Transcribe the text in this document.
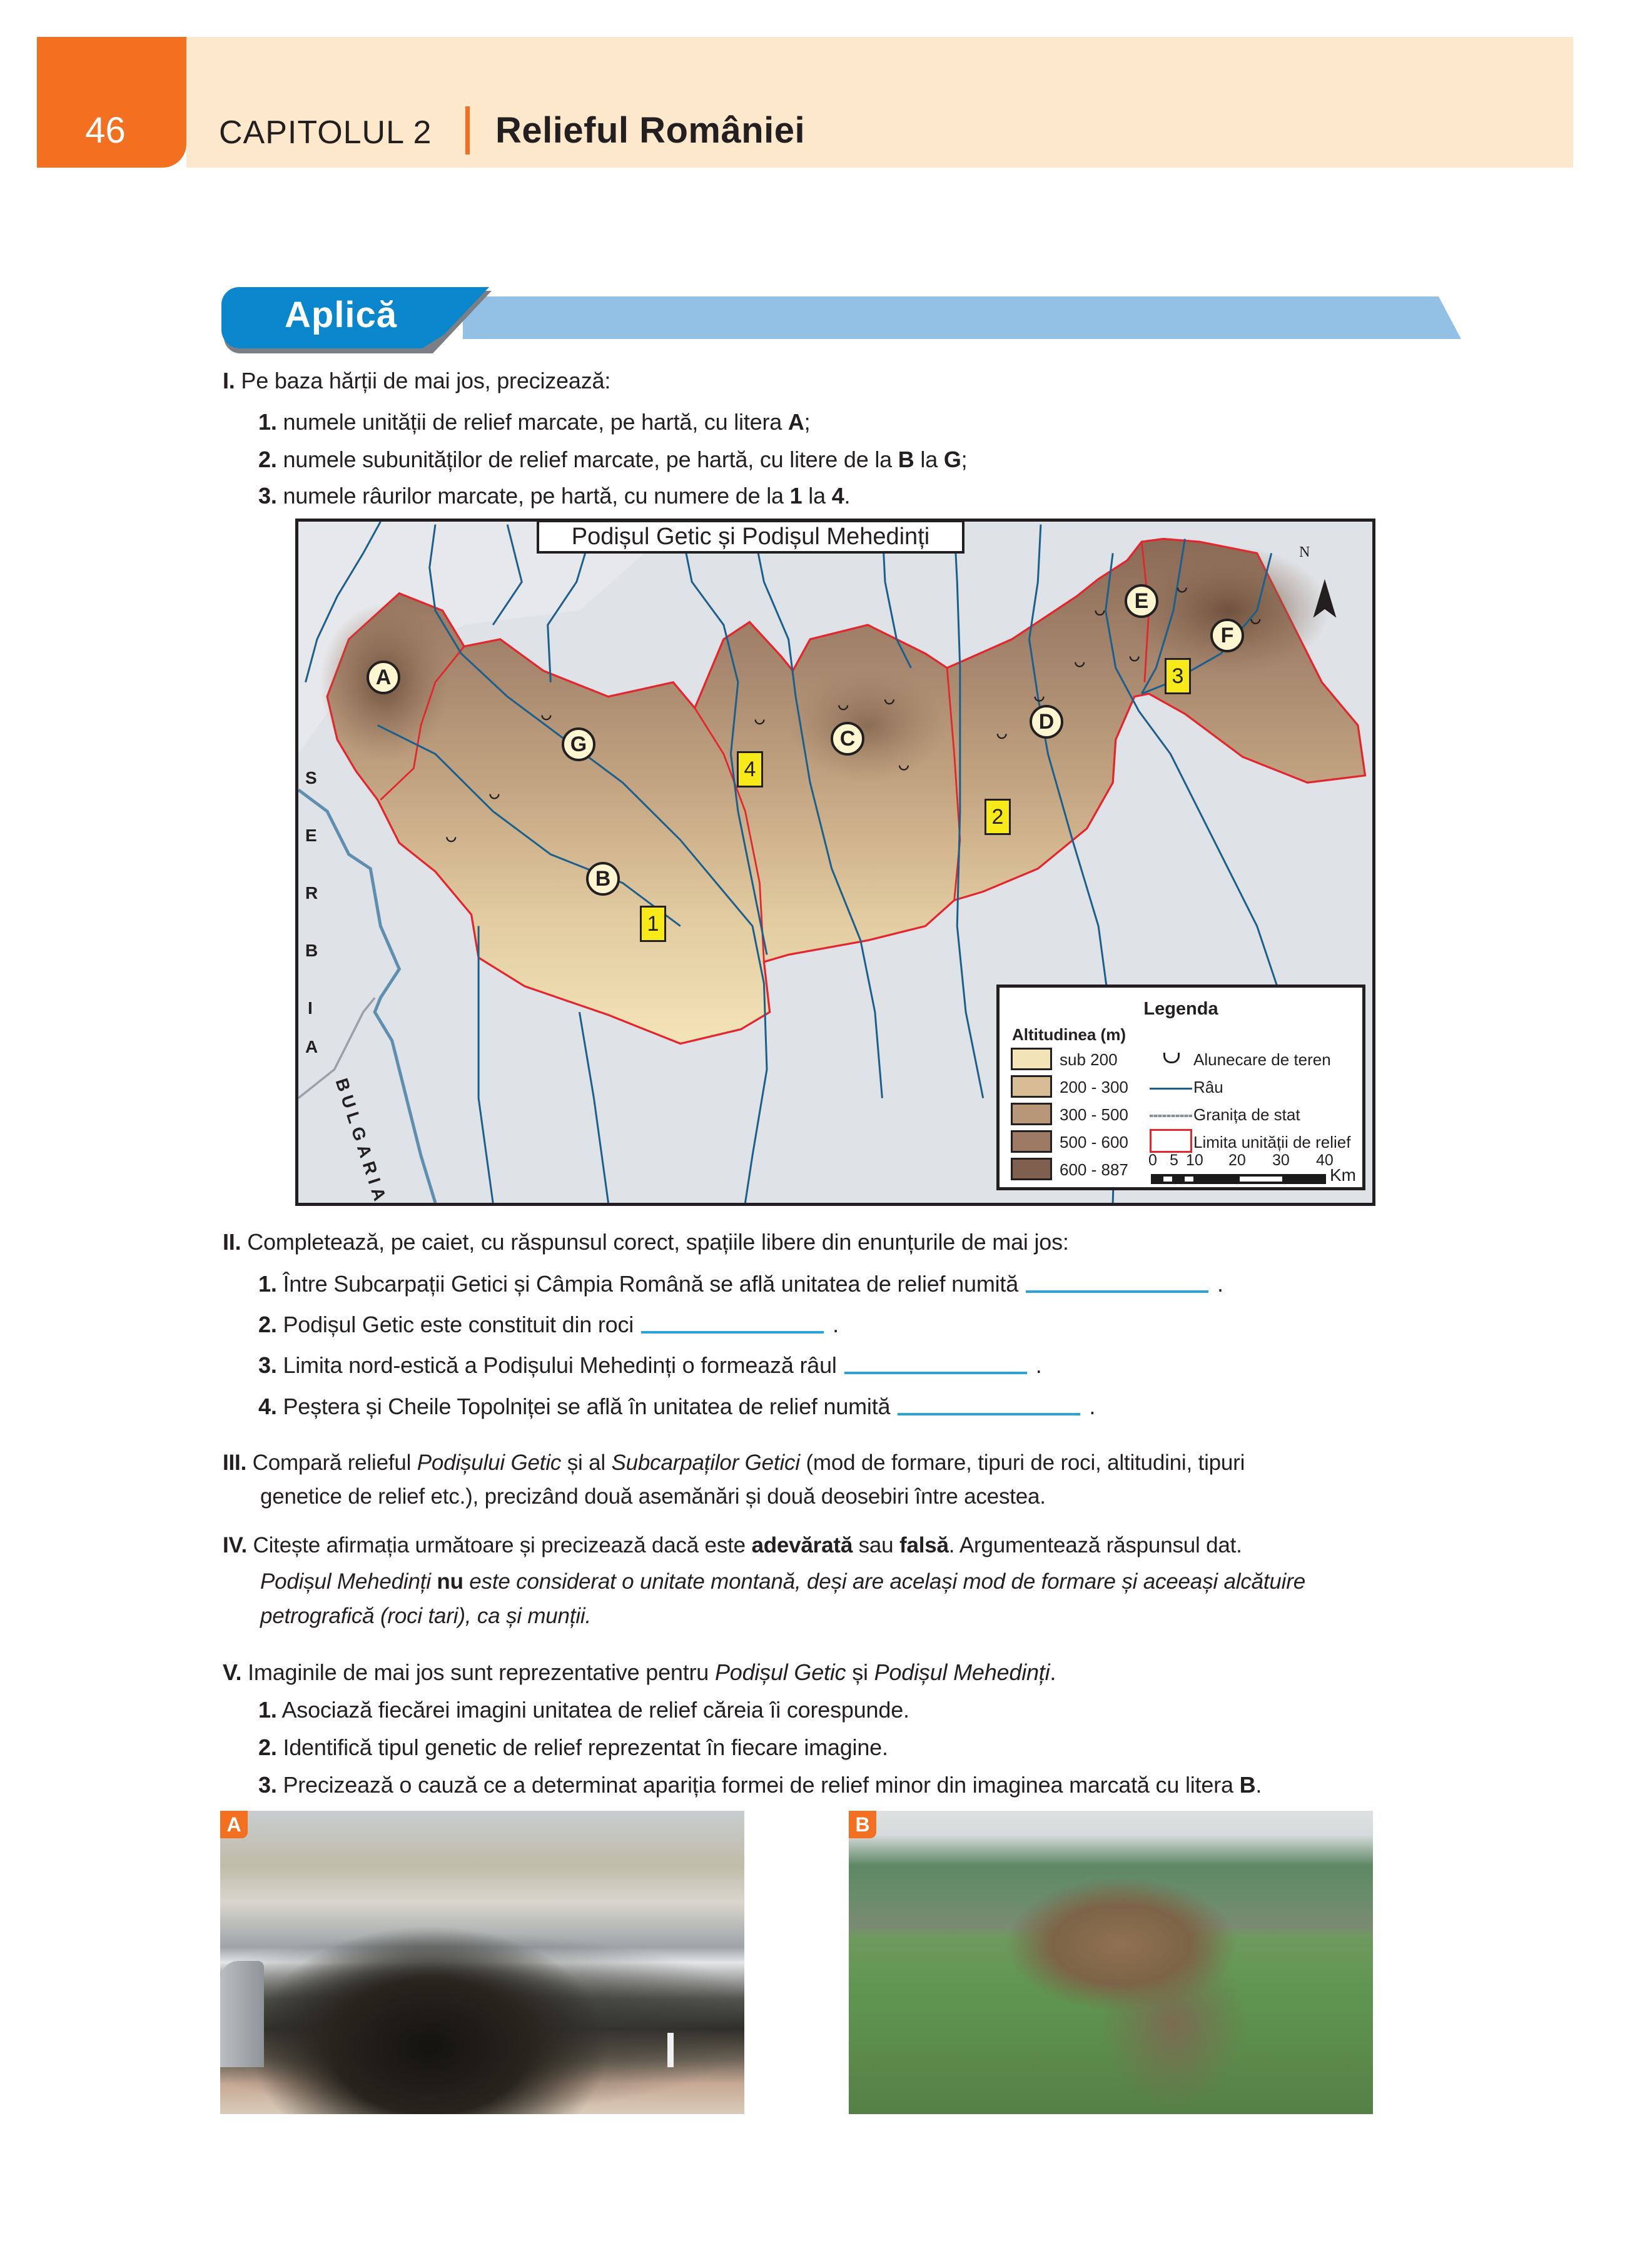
46	CAPITOLUL 2 Relieful României
Aplică
I. Pe baza hărții de mai jos, precizează:
1. numele unității de relief marcate, pe hartă, cu litera A;
2. numele subunităților de relief marcate, pe hartă, cu litere de la B la G;
3. numele râurilor marcate, pe hartă, cu numere de la 1 la 4.
N
Podișul Getic și Podișul Mehedinți
A
B
C
D
E
F
G
1
2
3
4
S
E
R
B
I
A
BULGARIA
Legenda
Altitudinea (m)
sub 200
200 - 300
300 - 500
500 - 600
600 - 887
Alunecare de teren
Râu
Granița de stat
Limita unității de relief
0 5 10 20 30 40
Km
II. Completează, pe caiet, cu răspunsul corect, spațiile libere din enunțurile de mai jos:
1. Între Subcarpații Getici și Câmpia Română se află unitatea de relief numită	.
2. Podișul Getic este constituit din roci	.
3. Limita nord-estică a Podișului Mehedinți o formează râul	.
4. Peștera și Cheile Topolniței se află în unitatea de relief numită	.
III. Compară relieful Podișului Getic și al Subcarpaților Getici (mod de formare, tipuri de roci, altitudini, tipuri
genetice de relief etc.), precizând două asemănări și două deosebiri între acestea.
IV. Citește afirmația următoare și precizează dacă este adevărată sau falsă. Argumentează răspunsul dat.
Podișul Mehedinți nu este considerat o unitate montană, deși are același mod de formare și aceeași alcătuire
petrografică (roci tari), ca și munții.
V. Imaginile de mai jos sunt reprezentative pentru Podișul Getic și Podișul Mehedinți.
1. Asociază fiecărei imagini unitatea de relief căreia îi corespunde.
2. Identifică tipul genetic de relief reprezentat în fiecare imagine.
3. Precizează o cauză ce a determinat apariția formei de relief minor din imaginea marcată cu litera B.
A	B
